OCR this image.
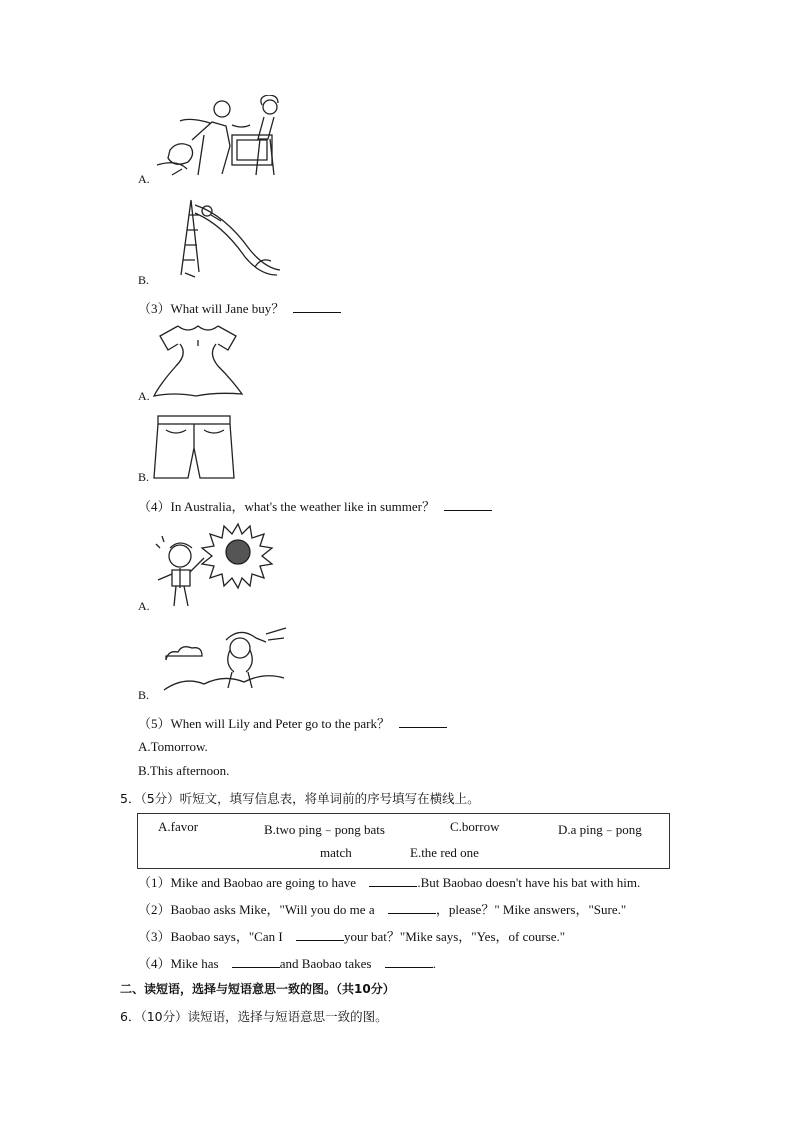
A.
B.
（3）What will Jane buy？
A.
B.
（4）In Australia，what's the weather like in summer？
A.
B.
（5）When will Lily and Peter go to the park？
A.Tomorrow.
B.This afternoon.
5．（5分）听短文，填写信息表，将单词前的序号填写在横线上。
A.favor	B.two ping﹣pong bats	C.borrow	D.a ping﹣pong
match	E.the red one
（1）Mike and Baobao are going to have	.But Baobao doesn't have his bat with him.
（2）Baobao asks Mike，"Will you do me a	，please？" Mike answers，"Sure."
（3）Baobao says，"Can I	your bat？"Mike says，"Yes，of course."
（4）Mike has	and Baobao takes	.
二、读短语，选择与短语意思一致的图。（共10分）
6．（10分）读短语，选择与短语意思一致的图。
